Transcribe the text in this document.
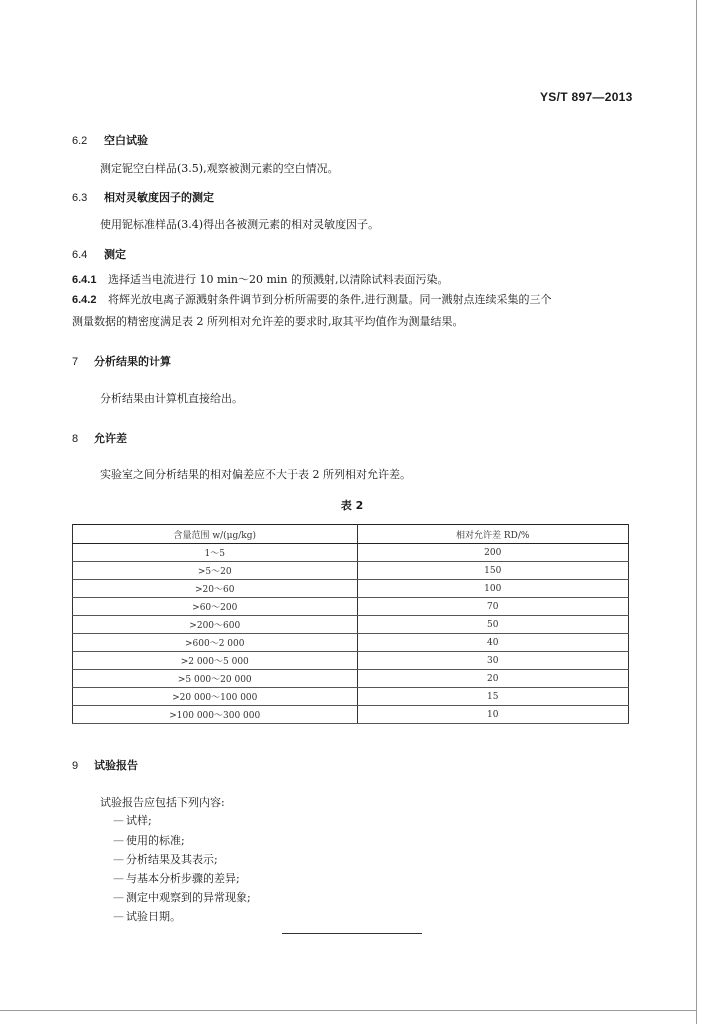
YS/T 897—2013
6.2 空白试验
测定铌空白样品(3.5),观察被测元素的空白情况。
6.3 相对灵敏度因子的测定
使用铌标准样品(3.4)得出各被测元素的相对灵敏度因子。
6.4 测定
6.4.1 选择适当电流进行 10 min～20 min 的预溅射,以清除试料表面污染。
6.4.2 将辉光放电离子源溅射条件调节到分析所需要的条件,进行测量。同一溅射点连续采集的三个
测量数据的精密度满足表 2 所列相对允许差的要求时,取其平均值作为测量结果。
7 分析结果的计算
分析结果由计算机直接给出。
8 允许差
实验室之间分析结果的相对偏差应不大于表 2 所列相对允许差。
表 2
含量范围 w/(μg/kg)	相对允许差 RD/%
1～5	200
>5～20	150
>20～60	100
>60～200	70
>200～600	50
>600～2 000	40
>2 000～5 000	30
>5 000～20 000	20
>20 000～100 000	15
>100 000～300 000	10
9 试验报告
试验报告应包括下列内容:
— 试样;
— 使用的标准;
— 分析结果及其表示;
— 与基本分析步骤的差异;
— 测定中观察到的异常现象;
— 试验日期。
